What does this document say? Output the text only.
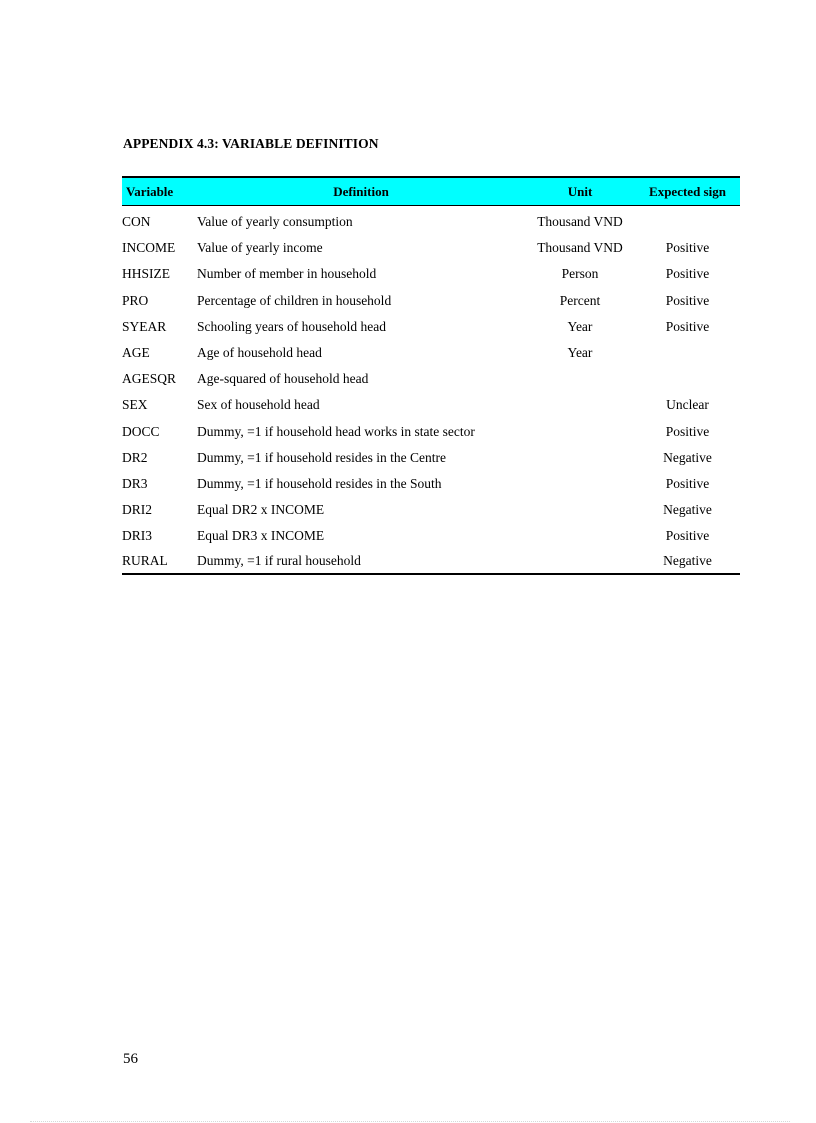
APPENDIX 4.3: VARIABLE DEFINITION
Variable	Definition	Unit	Expected sign
CON	Value of yearly consumption	Thousand VND	
INCOME	Value of yearly income	Thousand VND	Positive
HHSIZE	Number of member in household	Person	Positive
PRO	Percentage of children in household	Percent	Positive
SYEAR	Schooling years of household head	Year	Positive
AGE	Age of household head	Year	
AGESQR	Age-squared of household head		
SEX	Sex of household head		Unclear
DOCC	Dummy, =1 if household head works in state sector		Positive
DR2	Dummy, =1 if household resides in the Centre		Negative
DR3	Dummy, =1 if household resides in the South		Positive
DRI2	Equal DR2 x INCOME		Negative
DRI3	Equal DR3 x INCOME		Positive
RURAL	Dummy, =1 if rural household		Negative

56
